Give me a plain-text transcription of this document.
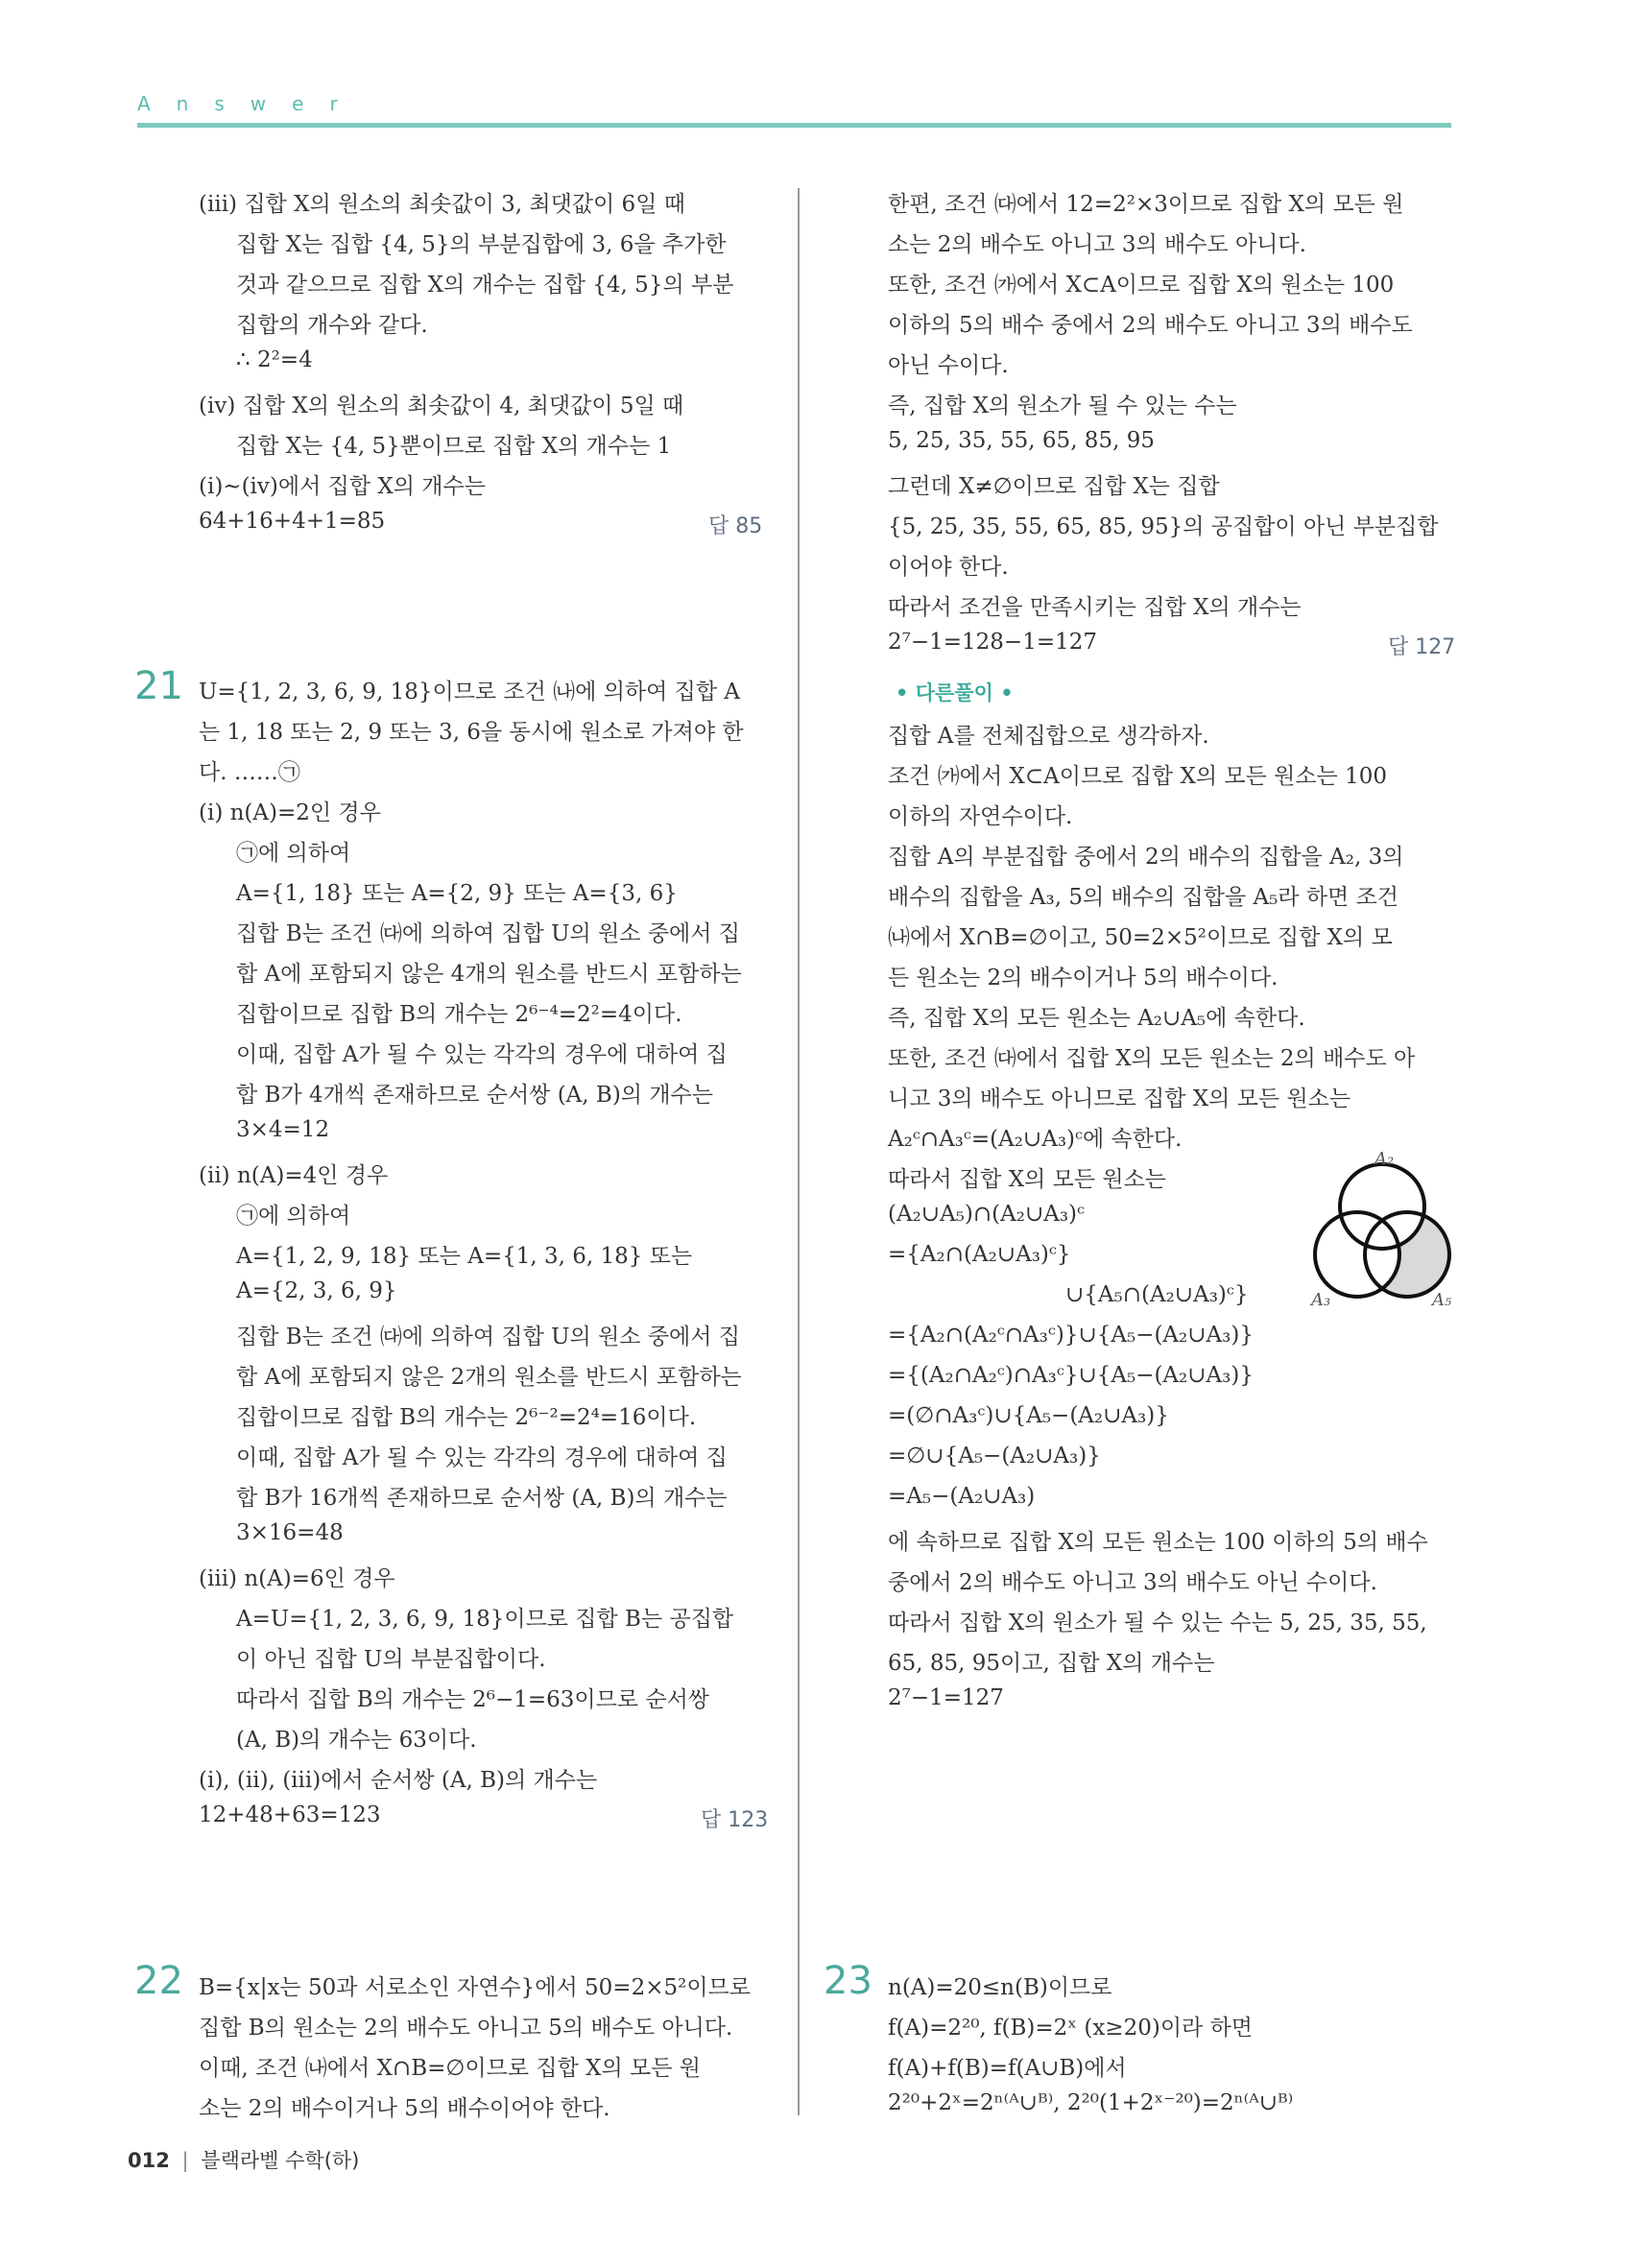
Answer
(ⅲ) 집합 X의 원소의 최솟값이 3, 최댓값이 6일 때
집합 X는 집합 {4, 5}의 부분집합에 3, 6을 추가한
것과 같으므로 집합 X의 개수는 집합 {4, 5}의 부분
집합의 개수와 같다.
∴ 2²=4
(ⅳ) 집합 X의 원소의 최솟값이 4, 최댓값이 5일 때
집합 X는 {4, 5}뿐이므로 집합 X의 개수는 1
(ⅰ)~(ⅳ)에서 집합 X의 개수는
64+16+4+1=85	답 85
21 U={1, 2, 3, 6, 9, 18}이므로 조건 ㈏에 의하여 집합 A
는 1, 18 또는 2, 9 또는 3, 6을 동시에 원소로 가져야 한
다. ……㉠
(ⅰ) n(A)=2인 경우
㉠에 의하여
A={1, 18} 또는 A={2, 9} 또는 A={3, 6}
집합 B는 조건 ㈐에 의하여 집합 U의 원소 중에서 집
합 A에 포함되지 않은 4개의 원소를 반드시 포함하는
집합이므로 집합 B의 개수는 2⁶⁻⁴=2²=4이다.
이때, 집합 A가 될 수 있는 각각의 경우에 대하여 집
합 B가 4개씩 존재하므로 순서쌍 (A, B)의 개수는
3×4=12
(ⅱ) n(A)=4인 경우
㉠에 의하여
A={1, 2, 9, 18} 또는 A={1, 3, 6, 18} 또는
A={2, 3, 6, 9}
집합 B는 조건 ㈐에 의하여 집합 U의 원소 중에서 집
합 A에 포함되지 않은 2개의 원소를 반드시 포함하는
집합이므로 집합 B의 개수는 2⁶⁻²=2⁴=16이다.
이때, 집합 A가 될 수 있는 각각의 경우에 대하여 집
합 B가 16개씩 존재하므로 순서쌍 (A, B)의 개수는
3×16=48
(ⅲ) n(A)=6인 경우
A=U={1, 2, 3, 6, 9, 18}이므로 집합 B는 공집합
이 아닌 집합 U의 부분집합이다.
따라서 집합 B의 개수는 2⁶−1=63이므로 순서쌍
(A, B)의 개수는 63이다.
(ⅰ), (ⅱ), (ⅲ)에서 순서쌍 (A, B)의 개수는
12+48+63=123	답 123
22 B={x|x는 50과 서로소인 자연수}에서 50=2×5²이므로
집합 B의 원소는 2의 배수도 아니고 5의 배수도 아니다.
이때, 조건 ㈏에서 X∩B=∅이므로 집합 X의 모든 원
소는 2의 배수이거나 5의 배수이어야 한다.
한편, 조건 ㈐에서 12=2²×3이므로 집합 X의 모든 원
소는 2의 배수도 아니고 3의 배수도 아니다.
또한, 조건 ㈎에서 X⊂A이므로 집합 X의 원소는 100
이하의 5의 배수 중에서 2의 배수도 아니고 3의 배수도
아닌 수이다.
즉, 집합 X의 원소가 될 수 있는 수는
5, 25, 35, 55, 65, 85, 95
그런데 X≠∅이므로 집합 X는 집합
{5, 25, 35, 55, 65, 85, 95}의 공집합이 아닌 부분집합
이어야 한다.
따라서 조건을 만족시키는 집합 X의 개수는
2⁷−1=128−1=127	답 127
• 다른풀이 •
집합 A를 전체집합으로 생각하자.
조건 ㈎에서 X⊂A이므로 집합 X의 모든 원소는 100
이하의 자연수이다.
집합 A의 부분집합 중에서 2의 배수의 집합을 A₂, 3의
배수의 집합을 A₃, 5의 배수의 집합을 A₅라 하면 조건
㈏에서 X∩B=∅이고, 50=2×5²이므로 집합 X의 모
든 원소는 2의 배수이거나 5의 배수이다.
즉, 집합 X의 모든 원소는 A₂∪A₅에 속한다.
또한, 조건 ㈐에서 집합 X의 모든 원소는 2의 배수도 아
니고 3의 배수도 아니므로 집합 X의 모든 원소는
A₂ᶜ∩A₃ᶜ=(A₂∪A₃)ᶜ에 속한다.
따라서 집합 X의 모든 원소는
(A₂∪A₅)∩(A₂∪A₃)ᶜ
={A₂∩(A₂∪A₃)ᶜ}
∪{A₅∩(A₂∪A₃)ᶜ}
={A₂∩(A₂ᶜ∩A₃ᶜ)}∪{A₅−(A₂∪A₃)}
={(A₂∩A₂ᶜ)∩A₃ᶜ}∪{A₅−(A₂∪A₃)}
=(∅∩A₃ᶜ)∪{A₅−(A₂∪A₃)}
=∅∪{A₅−(A₂∪A₃)}
=A₅−(A₂∪A₃)
에 속하므로 집합 X의 모든 원소는 100 이하의 5의 배수
중에서 2의 배수도 아니고 3의 배수도 아닌 수이다.
따라서 집합 X의 원소가 될 수 있는 수는 5, 25, 35, 55,
65, 85, 95이고, 집합 X의 개수는
2⁷−1=127
A₂
A₃	A₅
23 n(A)=20≤n(B)이므로
f(A)=2²⁰, f(B)=2ˣ (x≥20)이라 하면
f(A)+f(B)=f(A∪B)에서
2²⁰+2ˣ=2ⁿ⁽ᴬ∪ᴮ⁾, 2²⁰(1+2ˣ⁻²⁰)=2ⁿ⁽ᴬ∪ᴮ⁾
012 | 블랙라벨 수학(하)
